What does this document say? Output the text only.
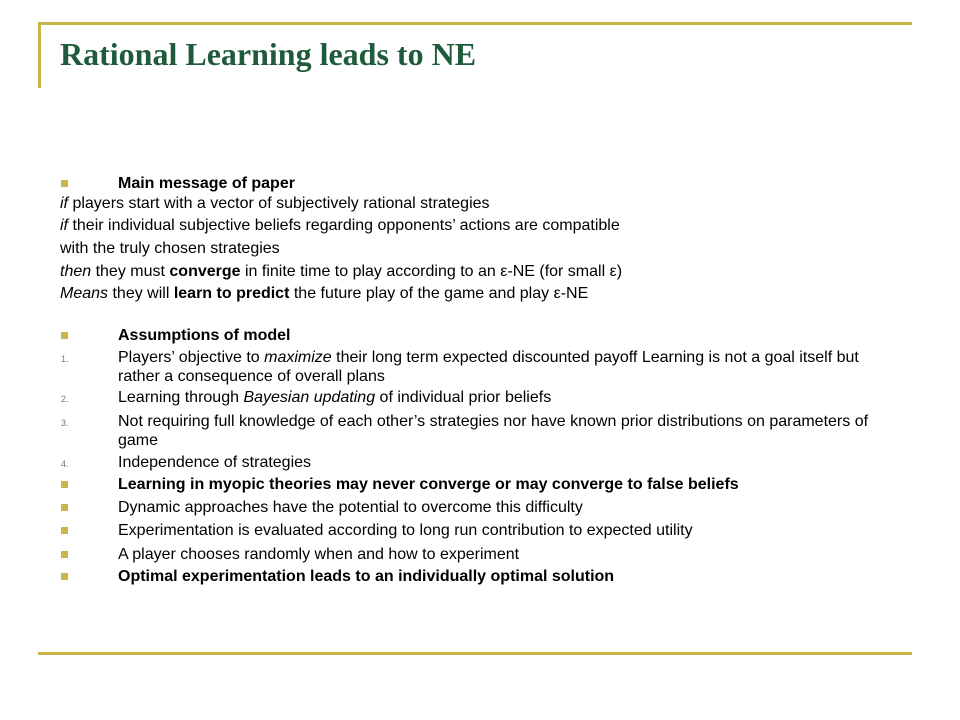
Rational Learning leads to NE
Main message of paper
if players start with a vector of subjectively rational strategies
if their individual subjective beliefs regarding opponents’ actions are compatible
with the truly chosen strategies
then they must converge in finite time to play according to an ε-NE (for small ε)
Means they will learn to predict the future play of the game and play ε-NE
Assumptions of model
1.	Players’ objective to maximize their long term expected discounted payoff Learning is not a goal itself but rather a consequence of overall plans
2.	Learning through Bayesian updating of individual prior beliefs
3.	Not requiring full knowledge of each other’s strategies nor have known prior distributions on parameters of game
4.	Independence of strategies
Learning in myopic theories may never converge or may converge to false beliefs
Dynamic approaches have the potential to overcome this difficulty
Experimentation is evaluated according to long run contribution to expected utility
A player chooses randomly when and how to experiment
Optimal experimentation leads to an individually optimal solution
